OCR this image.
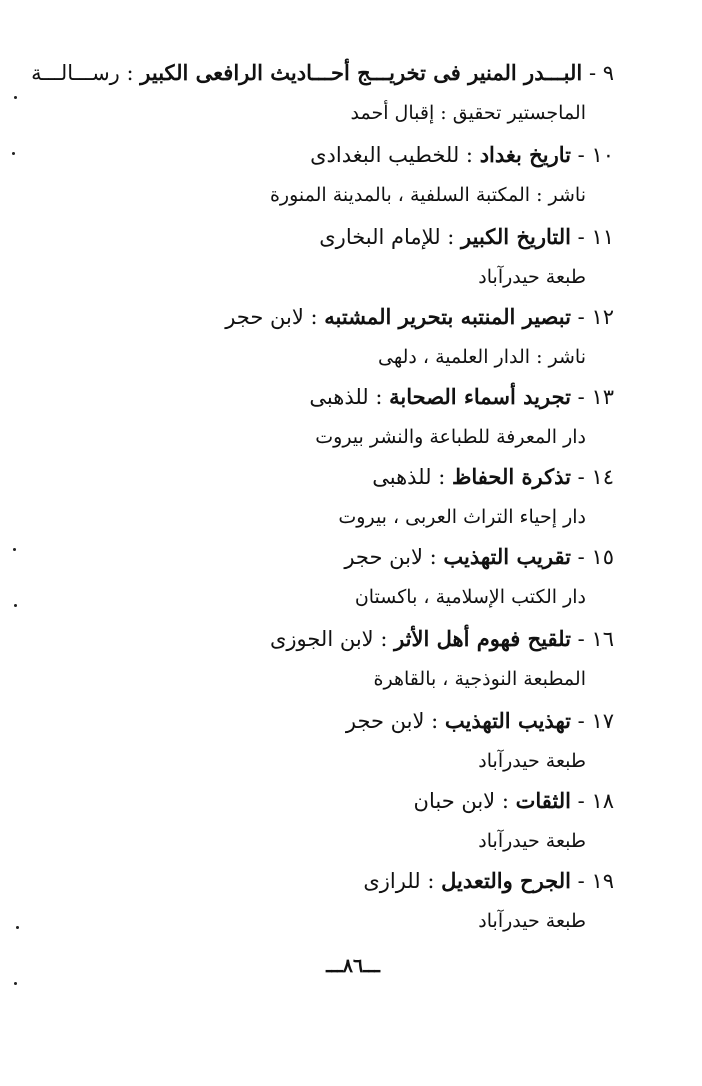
٩ - البـــدر المنير فى تخريـــج أحـــاديث الرافعى الكبير : رســـالـــة
الماجستير تحقيق : إقبال أحمد
١٠ - تاريخ بغداد : للخطيب البغدادى
ناشر : المكتبة السلفية ، بالمدينة المنورة
١١ - التاريخ الكبير : للإمام البخارى
طبعة حيدرآباد
١٢ - تبصير المنتبه بتحرير المشتبه : لابن حجر
ناشر : الدار العلمية ، دلهى
١٣ - تجريد أسماء الصحابة : للذهبى
دار المعرفة للطباعة والنشر بيروت
١٤ - تذكرة الحفاظ : للذهبى
دار إحياء التراث العربى ، بيروت
١٥ - تقريب التهذيب : لابن حجر
دار الكتب الإسلامية ، باكستان
١٦ - تلقيح فهوم أهل الأثر : لابن الجوزى
المطبعة النوذجية ، بالقاهرة
١٧ - تهذيب التهذيب : لابن حجر
طبعة حيدرآباد
١٨ - الثقات : لابن حبان
طبعة حيدرآباد
١٩ - الجرح والتعديل : للرازى
طبعة حيدرآباد
ـــ٨٦ـــ
